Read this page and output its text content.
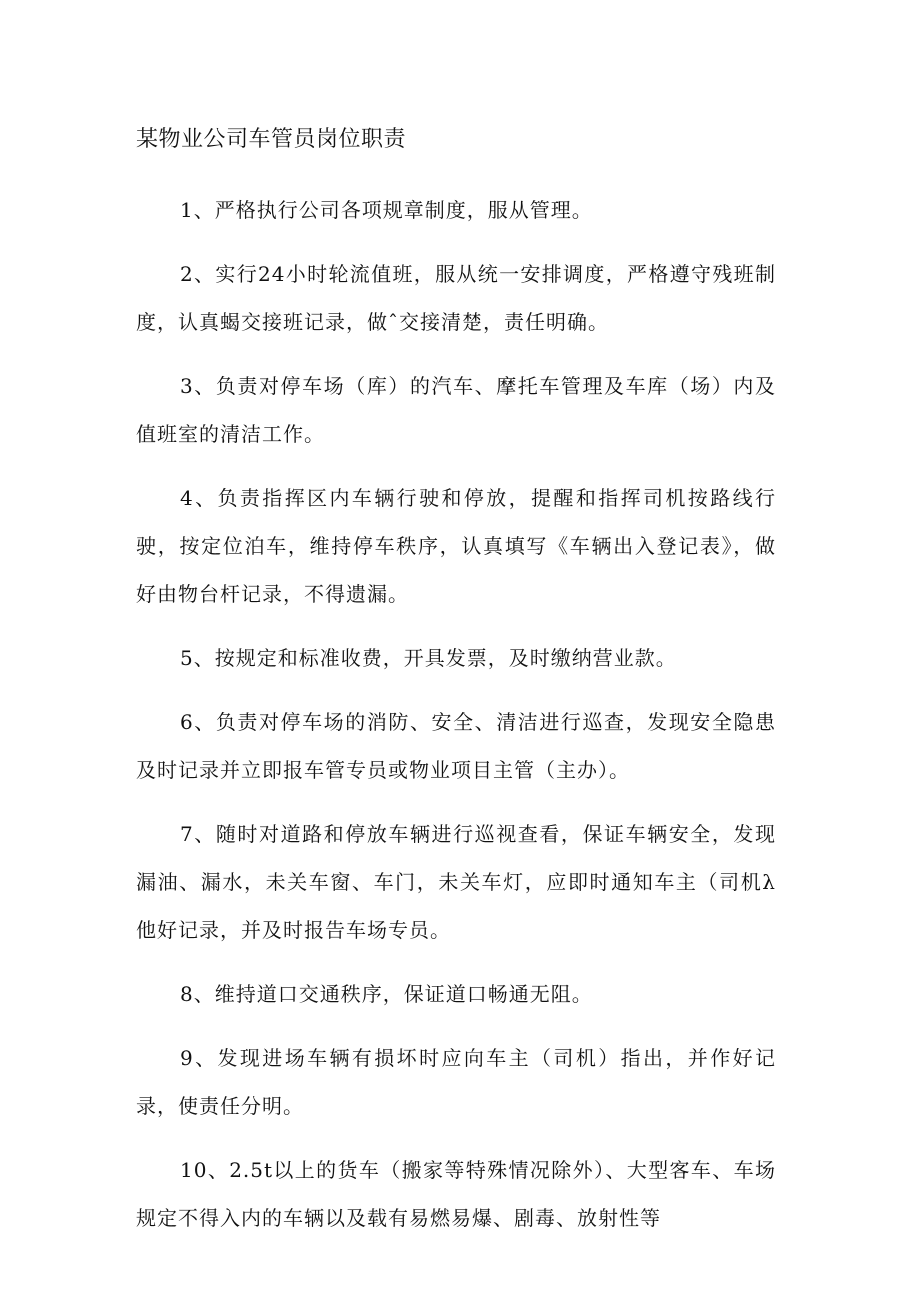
某物业公司车管员岗位职责

1、严格执行公司各项规章制度，服从管理。

2、实行24小时轮流值班，服从统一安排调度，严格遵守残班制度，认真蝎交接班记录，做ˆ交接清楚，责任明确。

3、负责对停车场（库）的汽车、摩托车管理及车库（场）内及值班室的清洁工作。

4、负责指挥区内车辆行驶和停放，提醒和指挥司机按路线行驶，按定位泊车，维持停车秩序，认真填写《车辆出入登记表》，做好由物台杆记录，不得遗漏。

5、按规定和标准收费，开具发票，及时缴纳营业款。

6、负责对停车场的消防、安全、清洁进行巡查，发现安全隐患及时记录并立即报车管专员或物业项目主管（主办）。

7、随时对道路和停放车辆进行巡视查看，保证车辆安全，发现漏油、漏水，未关车窗、车门，未关车灯，应即时通知车主（司机λ他好记录，并及时报告车场专员。

8、维持道口交通秩序，保证道口畅通无阻。

9、发现进场车辆有损坏时应向车主（司机）指出，并作好记录，使责任分明。

10、2.5t以上的货车（搬家等特殊情况除外）、大型客车、车场规定不得入内的车辆以及载有易燃易爆、剧毒、放射性等
